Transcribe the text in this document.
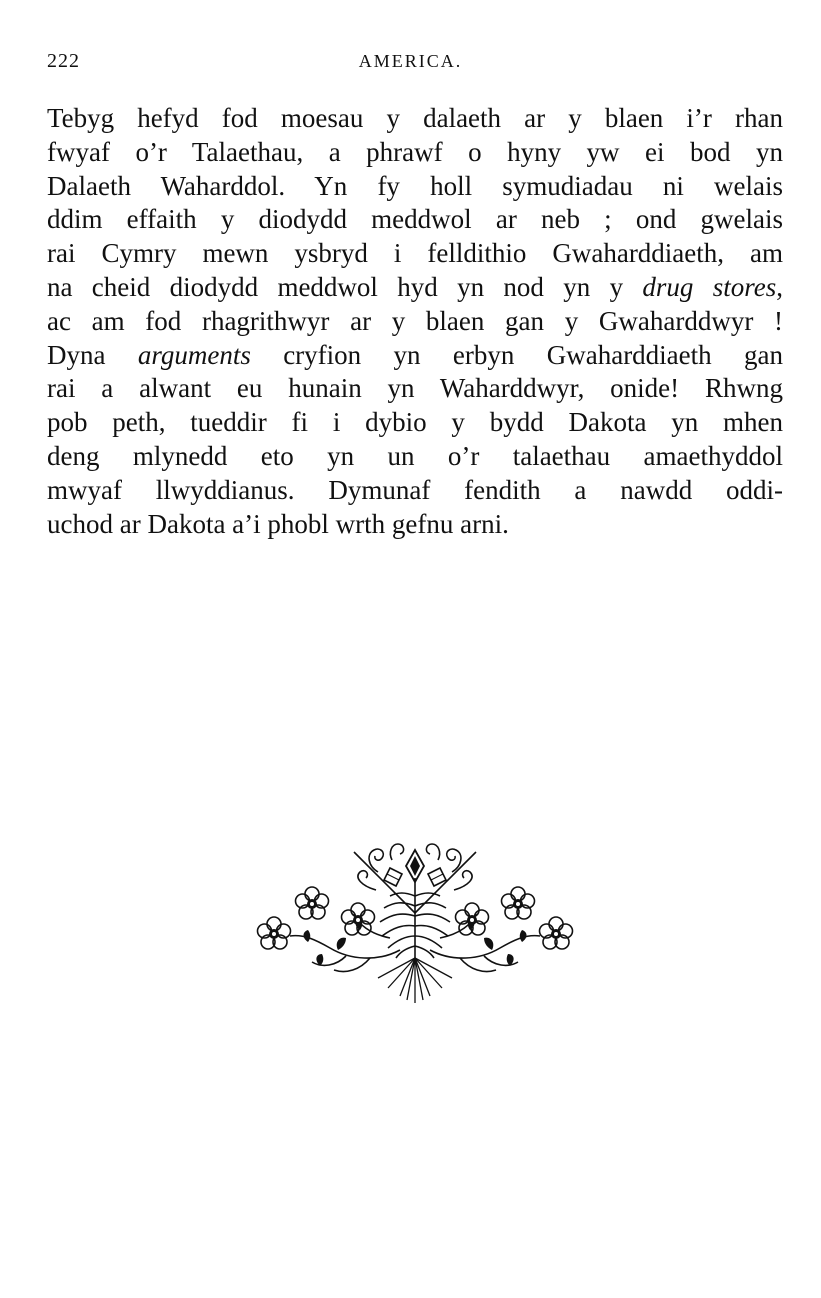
222	AMERICA.
Tebyg hefyd fod moesau y dalaeth ar y blaen i’r rhan
fwyaf o’r Talaethau, a phrawf o hyny yw ei bod yn
Dalaeth Waharddol. Yn fy holl symudiadau ni welais
ddim effaith y diodydd meddwol ar neb ; ond gwelais
rai Cymry mewn ysbryd i felldithio Gwaharddiaeth, am
na cheid diodydd meddwol hyd yn nod yn y drug stores,
ac am fod rhagrithwyr ar y blaen gan y Gwaharddwyr !
Dyna arguments cryfion yn erbyn Gwaharddiaeth gan
rai a alwant eu hunain yn Waharddwyr, onide! Rhwng
pob peth, tueddir fi i dybio y bydd Dakota yn mhen
deng mlynedd eto yn un o’r talaethau amaethyddol
mwyaf llwyddianus. Dymunaf fendith a nawdd oddi-
uchod ar Dakota a’i phobl wrth gefnu arni.
